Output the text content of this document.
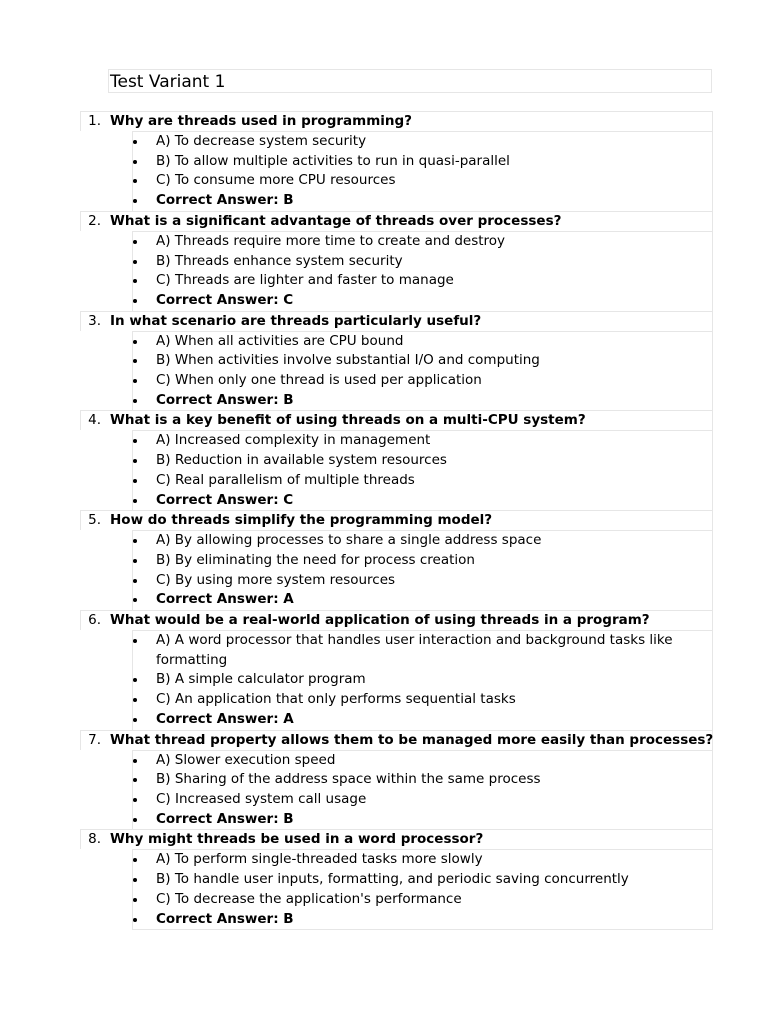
Test Variant 1
1. Why are threads used in programming?
A) To decrease system security
B) To allow multiple activities to run in quasi-parallel
C) To consume more CPU resources
Correct Answer: B
2. What is a significant advantage of threads over processes?
A) Threads require more time to create and destroy
B) Threads enhance system security
C) Threads are lighter and faster to manage
Correct Answer: C
3. In what scenario are threads particularly useful?
A) When all activities are CPU bound
B) When activities involve substantial I/O and computing
C) When only one thread is used per application
Correct Answer: B
4. What is a key benefit of using threads on a multi-CPU system?
A) Increased complexity in management
B) Reduction in available system resources
C) Real parallelism of multiple threads
Correct Answer: C
5. How do threads simplify the programming model?
A) By allowing processes to share a single address space
B) By eliminating the need for process creation
C) By using more system resources
Correct Answer: A
6. What would be a real-world application of using threads in a program?
A) A word processor that handles user interaction and background tasks like formatting
B) A simple calculator program
C) An application that only performs sequential tasks
Correct Answer: A
7. What thread property allows them to be managed more easily than processes?
A) Slower execution speed
B) Sharing of the address space within the same process
C) Increased system call usage
Correct Answer: B
8. Why might threads be used in a word processor?
A) To perform single-threaded tasks more slowly
B) To handle user inputs, formatting, and periodic saving concurrently
C) To decrease the application's performance
Correct Answer: B
